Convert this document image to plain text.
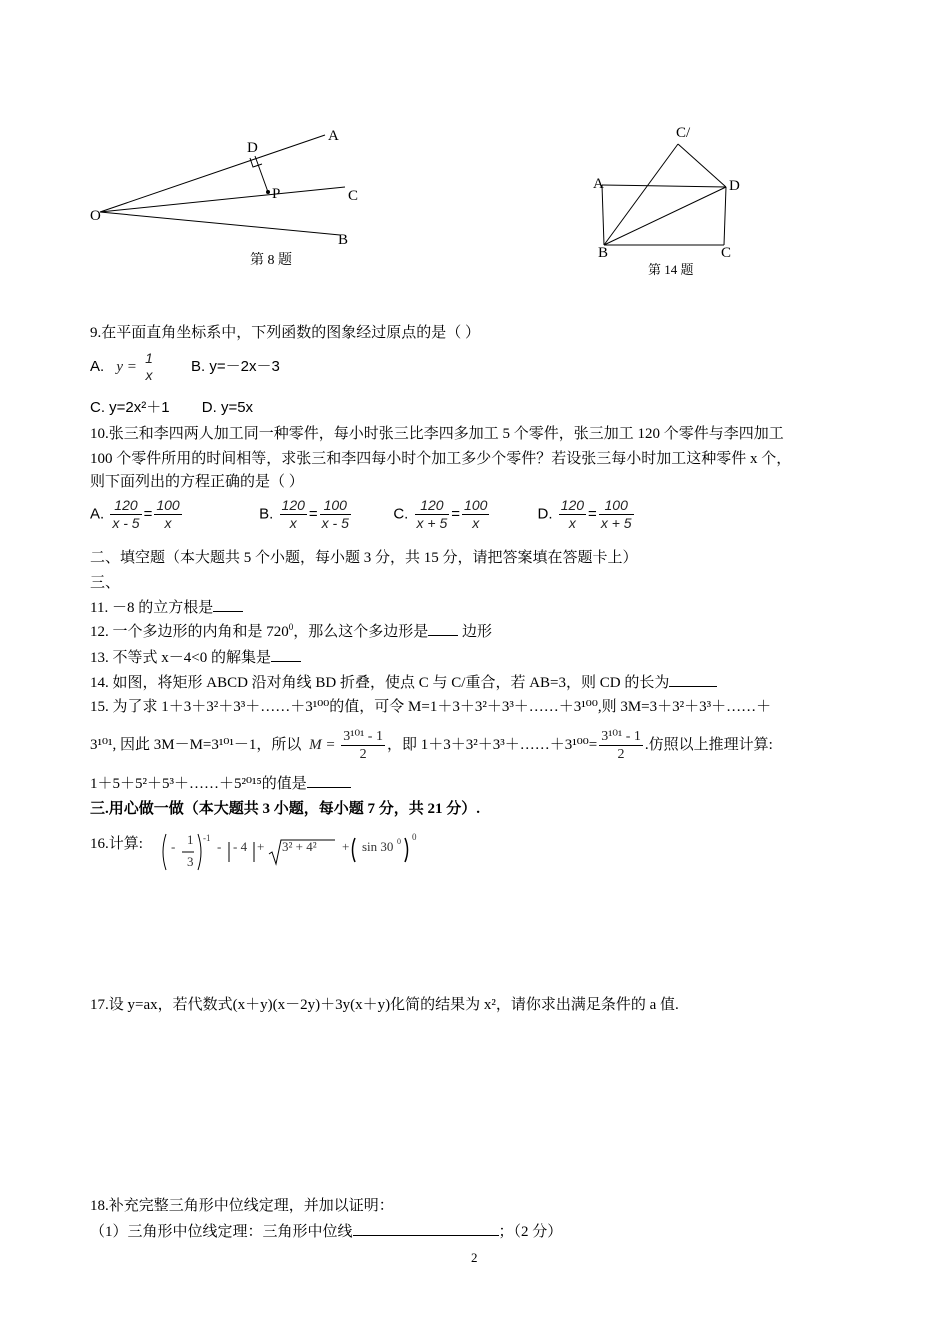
D
A
P	C
O
B
第 8 题
C/
A	D
B	C
第 14 题
9.在平面直角坐标系中，下列函数的图象经过原点的是（ ）
A. y =
1
x	B. y=－2x－3
C. y=2x²＋1 D. y=5x
10.张三和李四两人加工同一种零件，每小时张三比李四多加工 5 个零件，张三加工 120 个零件与李四加工
100 个零件所用的时间相等，求张三和李四每小时个加工多少个零件？若设张三每小时加工这种零件 x 个，
则下面列出的方程正确的是（ ）
A. $\frac{120}{x - 5} = \frac{100}{x}$	B. $\frac{120}{x} = \frac{100}{x - 5}$	C. $\frac{120}{x + 5} = \frac{100}{x}$	D. $\frac{120}{x} = \frac{100}{x + 5}$
二、填空题（本大题共 5 个小题，每小题 3 分，共 15 分，请把答案填在答题卡上）
三、
11. －8 的立方根是
12. 一个多边形的内角和是 $720^0$，那么这个多边形是 边形
13. 不等式 x－4<0 的解集是
14. 如图，将矩形 ABCD 沿对角线 BD 折叠，使点 C 与 C/重合，若 AB=3，则 CD 的长为
15. 为了求 1＋3＋3²＋3³＋……＋3¹⁰⁰的值，可令 M=1＋3＋3²＋3³＋……＋3¹⁰⁰,则 3M=3＋3²＋3³＋……＋
3¹⁰¹, 因此 3M－M=3¹⁰¹－1，所以 $M = \frac{\text{3¹⁰¹ - 1}}{2}$ ，即 1＋3＋3²＋3³＋……＋3¹⁰⁰= $\frac{\text{3¹⁰¹ - 1}}{2}$ .仿照以上推理计算:
1＋5＋5²＋5³＋……＋5²⁰¹⁵的值是
三.用心做一做（本大题共 3 小题，每小题 7 分，共 21 分）.
16.计算: - 1
3
-1
- - 4 + 3² + 4² + sin 30 0 0
17.设 y=ax，若代数式(x＋y)(x－2y)＋3y(x＋y)化简的结果为 x²，请你求出满足条件的 a 值.
18.补充完整三角形中位线定理，并加以证明：
（1）三角形中位线定理：三角形中位线	；（2 分）
2
